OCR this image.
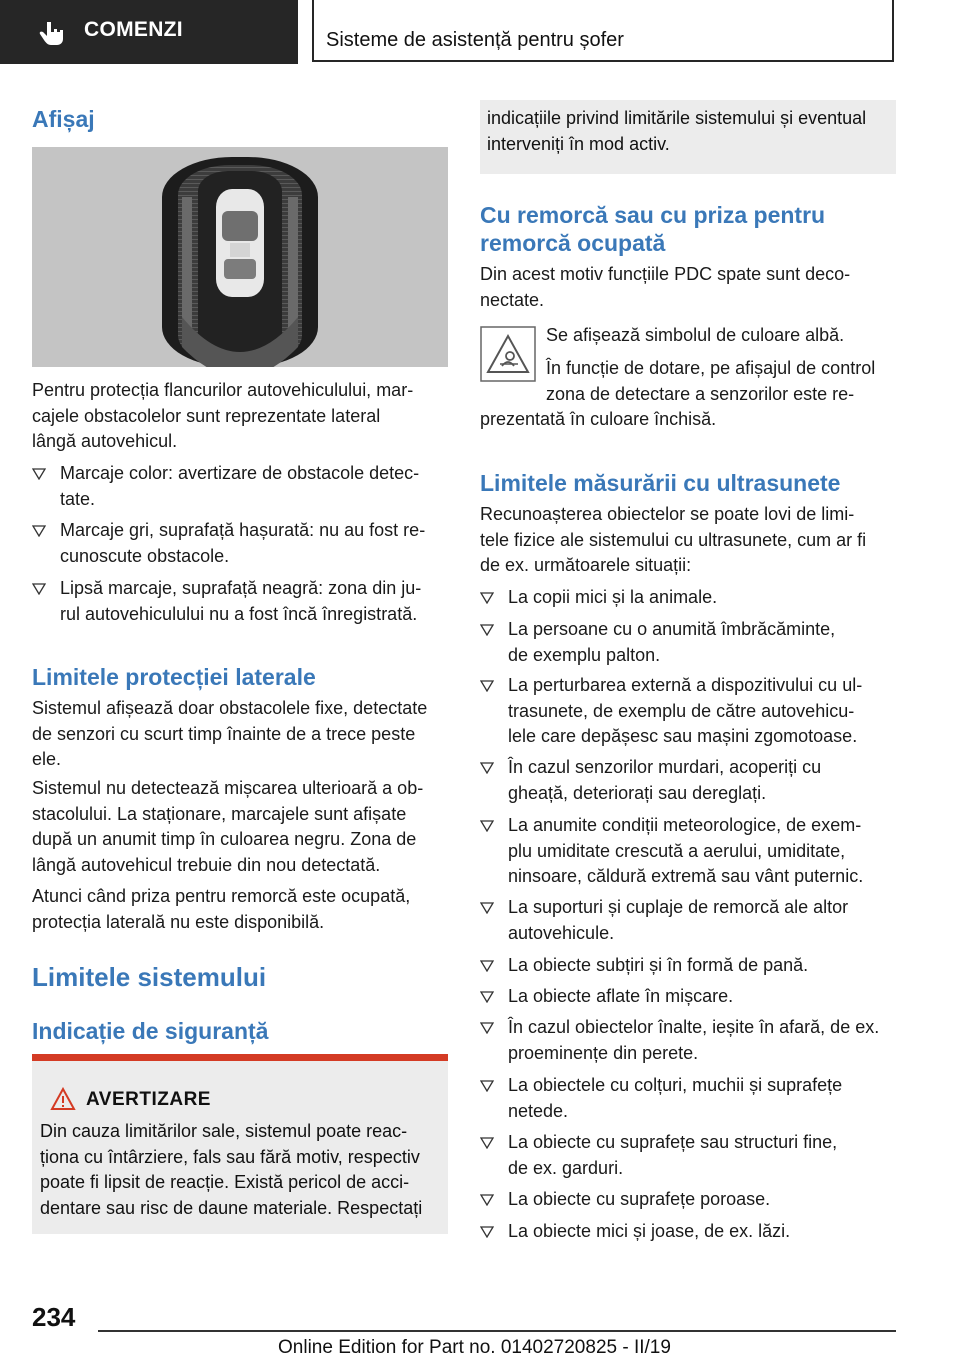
COMENZI	Sisteme de asistență pentru șofer
Afișaj

Pentru protecția flancurilor autovehiculului, mar-
cajele obstacolelor sunt reprezentate lateral
lângă autovehicul.

Marcaje color: avertizare de obstacole detec-
tate.
Marcaje gri, suprafață hașurată: nu au fost re-
cunoscute obstacole.
Lipsă marcaje, suprafață neagră: zona din ju-
rul autovehiculului nu a fost încă înregistrată.
Limitele protecției laterale

Sistemul afișează doar obstacolele fixe, detectate
de senzori cu scurt timp înainte de a trece peste
ele.

Sistemul nu detectează mișcarea ulterioară a ob-
stacolului. La staționare, marcajele sunt afișate
după un anumit timp în culoarea negru. Zona de
lângă autovehicul trebuie din nou detectată.

Atunci când priza pentru remorcă este ocupată,
protecția laterală nu este disponibilă.

Limitele sistemului
Indicație de siguranță
AVERTIZARE
Din cauza limitărilor sale, sistemul poate reac-
ționa cu întârziere, fals sau fără motiv, respectiv
poate fi lipsit de reacție. Există pericol de acci-
dentare sau risc de daune materiale. Respectați
indicațiile privind limitările sistemului și eventual
interveniți în mod activ.
Cu remorcă sau cu priza pentru
remorcă ocupată

Din acest motiv funcțiile PDC spate sunt deco-
nectate.

Se afișează simbolul de culoare albă.

În funcție de dotare, pe afișajul de control
zona de detectare a senzorilor este re-

prezentată în culoare închisă.

Limitele măsurării cu ultrasunete

Recunoașterea obiectelor se poate lovi de limi-
tele fizice ale sistemului cu ultrasunete, cum ar fi
de ex. următoarele situații:

La copii mici și la animale.
La persoane cu o anumită îmbrăcăminte,
de exemplu palton.
La perturbarea externă a dispozitivului cu ul-
trasunete, de exemplu de către autovehicu-
lele care depășesc sau mașini zgomotoase.
În cazul senzorilor murdari, acoperiți cu
gheață, deteriorați sau dereglați.
La anumite condiții meteorologice, de exem-
plu umiditate crescută a aerului, umiditate,
ninsoare, căldură extremă sau vânt puternic.
La suporturi și cuplaje de remorcă ale altor
autovehicule.
La obiecte subțiri și în formă de pană.
La obiecte aflate în mișcare.
În cazul obiectelor înalte, ieșite în afară, de ex.
proeminențe din perete.
La obiectele cu colțuri, muchii și suprafețe
netede.
La obiecte cu suprafețe sau structuri fine,
de ex. garduri.
La obiecte cu suprafețe poroase.
La obiecte mici și joase, de ex. lăzi.
234
Online Edition for Part no. 01402720825 - II/19
